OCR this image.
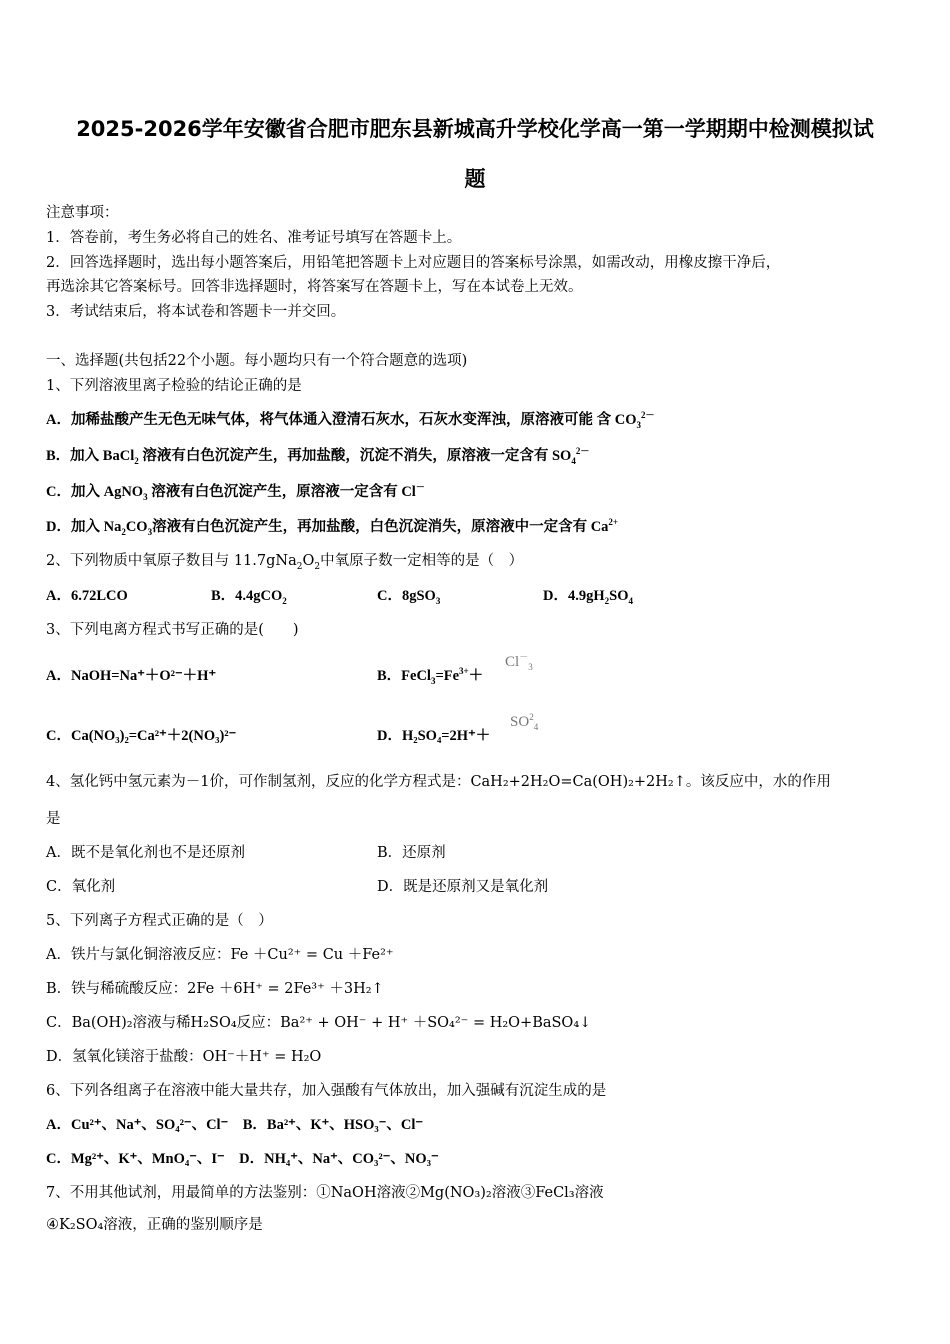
2025-2026学年安徽省合肥市肥东县新城高升学校化学高一第一学期期中检测模拟试
题
注意事项：
1．答卷前，考生务必将自己的姓名、准考证号填写在答题卡上。
2．回答选择题时，选出每小题答案后，用铅笔把答题卡上对应题目的答案标号涂黑，如需改动，用橡皮擦干净后，
再选涂其它答案标号。回答非选择题时，将答案写在答题卡上，写在本试卷上无效。
3．考试结束后，将本试卷和答题卡一并交回。
一、选择题(共包括22个小题。每小题均只有一个符合题意的选项)
1、下列溶液里离子检验的结论正确的是
A．加稀盐酸产生无色无味气体，将气体通入澄清石灰水，石灰水变浑浊，原溶液可能 含 $CO_3^{2-}$
B．加入 BaCl$_2$ 溶液有白色沉淀产生，再加盐酸，沉淀不消失，原溶液一定含有 $SO_4^{2-}$
C．加入 AgNO$_3$ 溶液有白色沉淀产生，原溶液一定含有 Cl－
D．加入 $Na_2CO_3$溶液有白色沉淀产生，再加盐酸，白色沉淀消失，原溶液中一定含有 $Ca^{2+}$
2、下列物质中氧原子数目与 $11.7gNa_2O_2$中氧原子数一定相等的是（　）
A．6.72LCO	B．4.4gCO$_2$	C．8gSO$_3$	D．$4.9gH_2SO_4$
3、下列电离方程式书写正确的是(　　)
A．NaOH=Na⁺＋O²⁻＋H⁺	B．$FeCl_3=Fe^{3+}+$
$Cl^-_3$
C．Ca(NO₃)₂=Ca²⁺＋2(NO₃)²⁻	D．H₂SO₄=2H⁺＋
$SO^2_4$
4、氢化钙中氢元素为－1价，可作制氢剂，反应的化学方程式是：CaH₂+2H₂O=Ca(OH)₂+2H₂↑。该反应中，水的作用
是
A．既不是氧化剂也不是还原剂	B．还原剂
C．氧化剂	D．既是还原剂又是氧化剂
5、下列离子方程式正确的是（　）
A．铁片与氯化铜溶液反应：Fe ＋Cu²⁺ = Cu ＋Fe²⁺
B．铁与稀硫酸反应：2Fe ＋6H⁺ = 2Fe³⁺ ＋3H₂↑
C．Ba(OH)₂溶液与稀H₂SO₄反应：Ba²⁺ + OH⁻ + H⁺ ＋SO₄²⁻ = H₂O+BaSO₄↓
D．氢氧化镁溶于盐酸：OH⁻＋H⁺ = H₂O
6、下列各组离子在溶液中能大量共存，加入强酸有气体放出，加入强碱有沉淀生成的是
A．Cu²⁺、Na⁺、SO₄²⁻、Cl⁻　B．Ba²⁺、K⁺、HSO₃⁻、Cl⁻
C．Mg²⁺、K⁺、MnO₄⁻、I⁻　D．NH₄⁺、Na⁺、CO₃²⁻、NO₃⁻
7、不用其他试剂，用最简单的方法鉴别：①NaOH溶液②Mg(NO₃)₂溶液③FeCl₃溶液
④K₂SO₄溶液，正确的鉴别顺序是
